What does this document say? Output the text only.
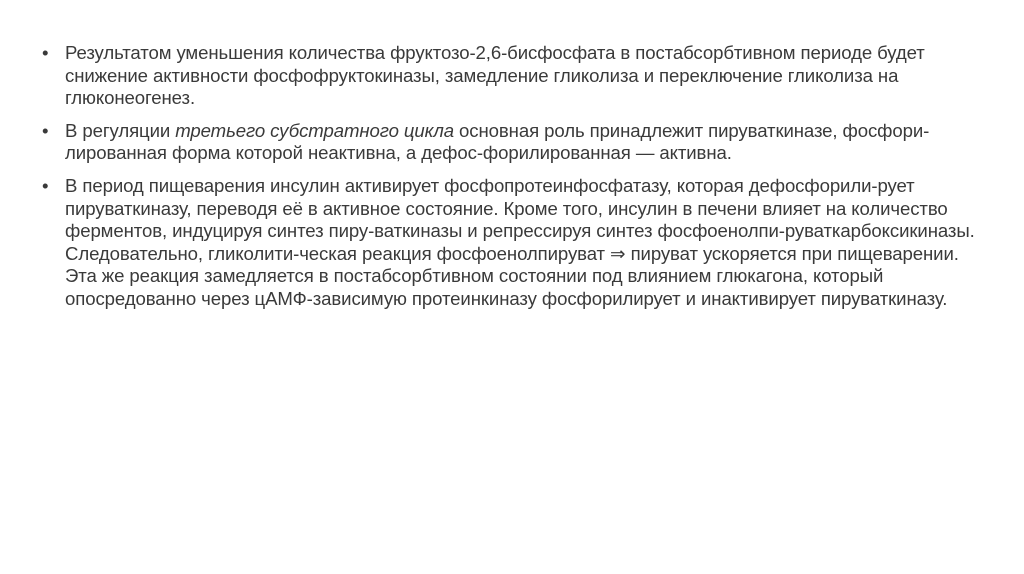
• Результатом уменьшения количества фруктозо-2,6-бисфосфата в постабсорбтивном периоде будет снижение активности фосфофруктокиназы, замедление гликолиза и переключение гликолиза на глюконеогенез.
• В регуляции третьего субстратного цикла основная роль принадлежит пируваткиназе, фосфори-лированная форма которой неактивна, а дефос-форилированная — активна.
• В период пищеварения инсулин активирует фосфопротеинфосфатазу, которая дефосфорили-рует пируваткиназу, переводя её в активное состояние. Кроме того, инсулин в печени влияет на количество ферментов, индуцируя синтез пиру-ваткиназы и репрессируя синтез фосфоенолпи-руваткарбоксикиназы. Следовательно, гликолити-ческая реакция фосфоенолпируват ⇒ пируват ускоряется при пищеварении. Эта же реакция замедляется в постабсорбтивном состоянии под влиянием глюкагона, который опосредованно через цАМФ-зависимую протеинкиназу фосфорилирует и инактивирует пируваткиназу.
